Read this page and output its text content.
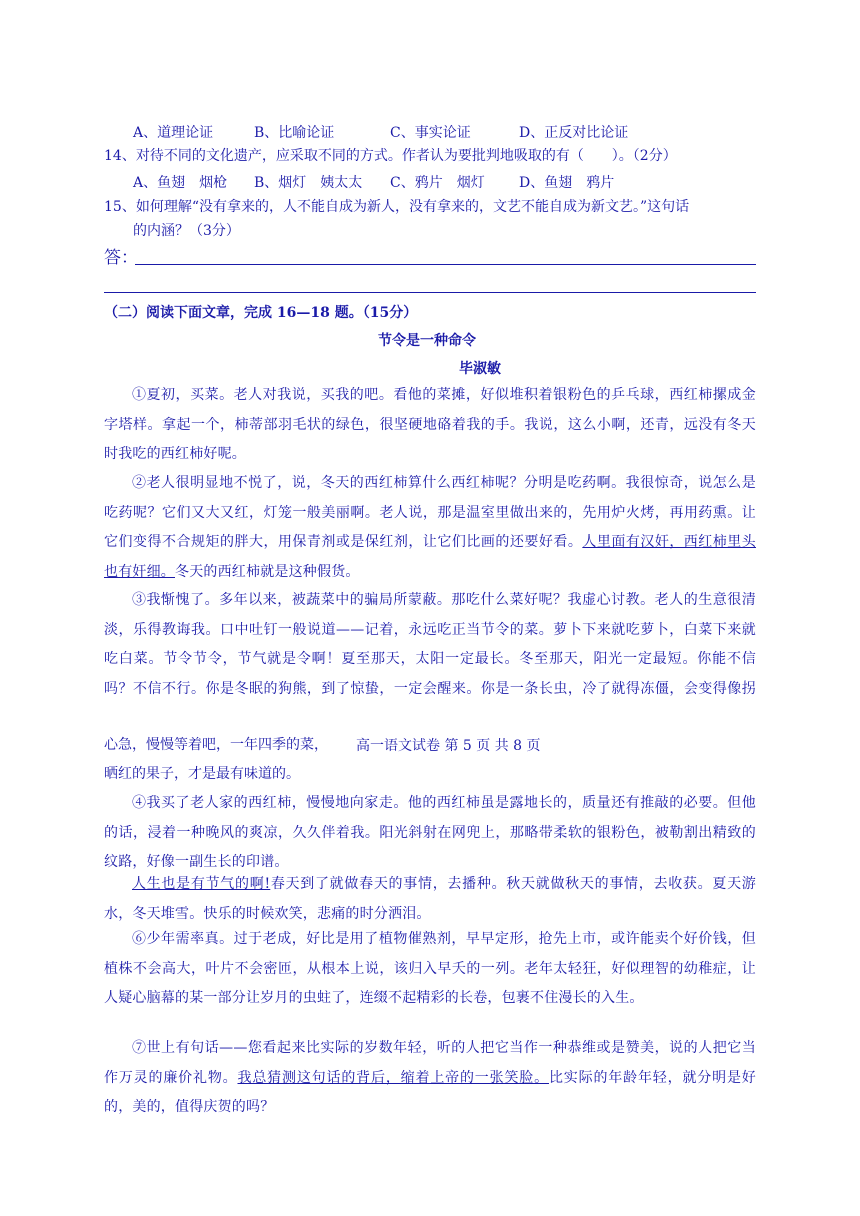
A、道理论证	B、比喻论证	C、事实论证	D、正反对比论证
14、对待不同的文化遗产，应采取不同的方式。作者认为要批判地吸取的有（　　）。（2分）
A、鱼翅　烟枪 B、烟灯　姨太太 C、鸦片　烟灯 D、鱼翅　鸦片
15、如何理解“没有拿来的，人不能自成为新人，没有拿来的，文艺不能自成为新文艺。”这句话
的内涵？（3分）
答：
（二）阅读下面文章，完成 16—18 题。（15分）
节令是一种命令
毕淑敏
①夏初，买菜。老人对我说，买我的吧。看他的菜摊，好似堆积着银粉色的乒乓球，西红柿摞成金字塔样。拿起一个，柿蒂部羽毛状的绿色，很坚硬地硌着我的手。我说，这么小啊，还青，远没有冬天时我吃的西红柿好呢。
②老人很明显地不悦了，说，冬天的西红柿算什么西红柿呢？分明是吃药啊。我很惊奇，说怎么是吃药呢？它们又大又红，灯笼一般美丽啊。老人说，那是温室里做出来的，先用炉火烤，再用药熏。让它们变得不合规矩的胖大，用保青剂或是保红剂，让它们比画的还要好看。人里面有汉奸，西红柿里头也有奸细。冬天的西红柿就是这种假货。
③我惭愧了。多年以来，被蔬菜中的骗局所蒙蔽。那吃什么菜好呢？我虚心讨教。老人的生意很清淡，乐得教诲我。口中吐钉一般说道——记着，永远吃正当节令的菜。萝卜下来就吃萝卜，白菜下来就吃白菜。节令节令，节气就是令啊！夏至那天，太阳一定最长。冬至那天，阳光一定最短。你能不信吗？不信不行。你是冬眠的狗熊，到了惊蛰，一定会醒来。你是一条长虫，冷了就得冻僵，会变得像拐
心急，慢慢等着吧，一年四季的菜，
晒红的果子，才是最有味道的。
高一语文试卷 第 5 页 共 8 页
④我买了老人家的西红柿，慢慢地向家走。他的西红柿虽是露地长的，质量还有推敲的必要。但他的话，浸着一种晚风的爽凉，久久伴着我。阳光斜射在网兜上，那略带柔软的银粉色，被勒割出精致的纹路，好像一副生长的印谱。
人生也是有节气的啊!春天到了就做春天的事情，去播种。秋天就做秋天的事情，去收获。夏天游水，冬天堆雪。快乐的时候欢笑，悲痛的时分洒泪。
⑥少年需率真。过于老成，好比是用了植物催熟剂，早早定形，抢先上市，或许能卖个好价钱，但植株不会高大，叶片不会密匝，从根本上说，该归入早夭的一列。老年太轻狂，好似理智的幼稚症，让人疑心脑幕的某一部分让岁月的虫蛀了，连缀不起精彩的长卷，包裹不住漫长的入生。
⑦世上有句话——您看起来比实际的岁数年轻，听的人把它当作一种恭维或是赞美，说的人把它当作万灵的廉价礼物。我总猜测这句话的背后，缩着上帝的一张笑脸。比实际的年龄年轻，就分明是好的，美的，值得庆贺的吗？
